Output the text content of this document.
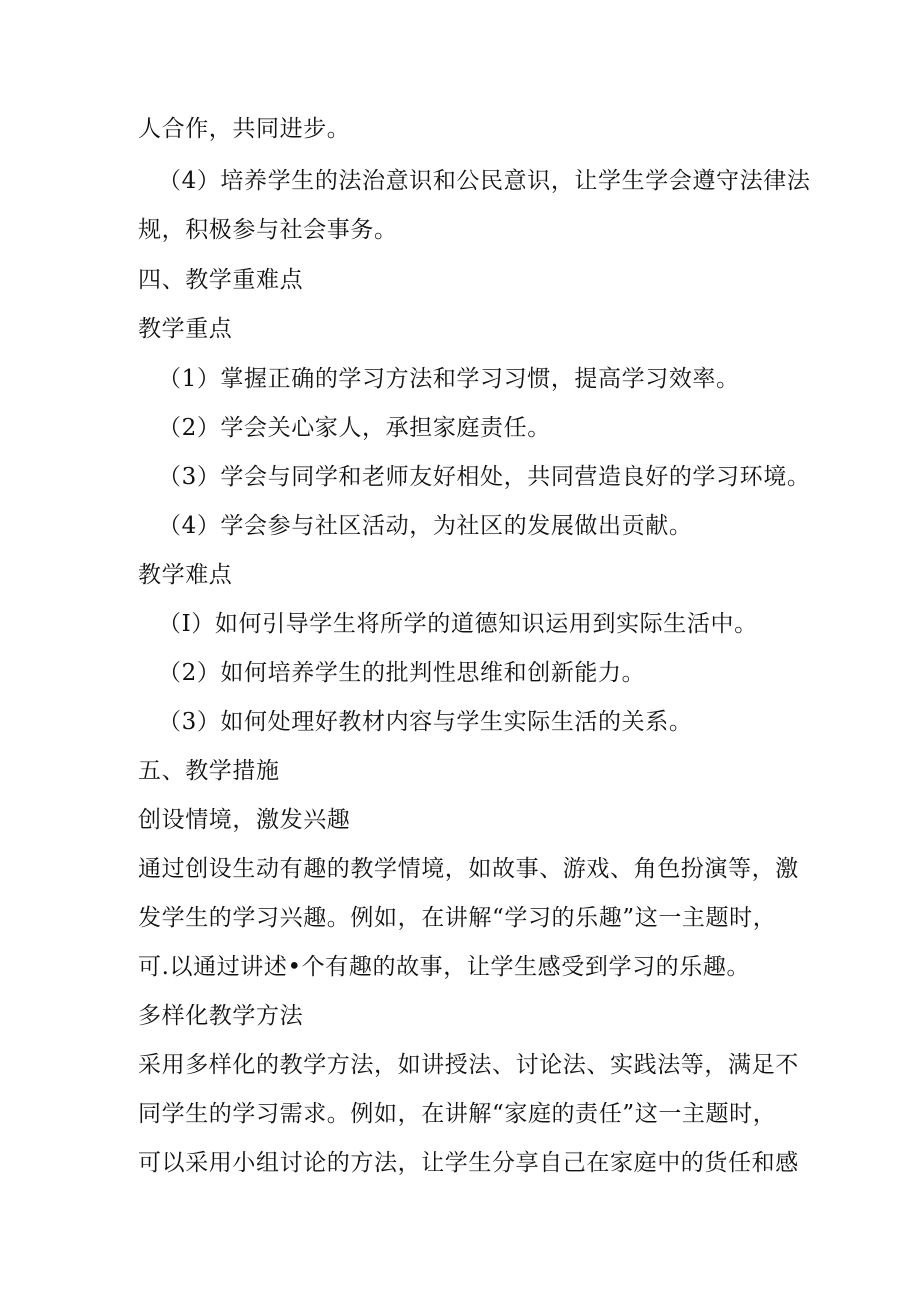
人合作，共同进步。
（4）培养学生的法治意识和公民意识，让学生学会遵守法律法
规，积极参与社会事务。
四、教学重难点
教学重点
（1）掌握正确的学习方法和学习习惯，提高学习效率。
（2）学会关心家人，承担家庭责任。
（3）学会与同学和老师友好相处，共同营造良好的学习环境。
（4）学会参与社区活动，为社区的发展做出贡献。
教学难点
（I）如何引导学生将所学的道德知识运用到实际生活中。
（2）如何培养学生的批判性思维和创新能力。
（3）如何处理好教材内容与学生实际生活的关系。
五、教学措施
创设情境，激发兴趣
通过创设生动有趣的教学情境，如故事、游戏、角色扮演等，激
发学生的学习兴趣。例如，在讲解“学习的乐趣”这一主题时，
可.以通过讲述•个有趣的故事，让学生感受到学习的乐趣。
多样化教学方法
采用多样化的教学方法，如讲授法、讨论法、实践法等，满足不
同学生的学习需求。例如，在讲解“家庭的责任”这一主题时，
可以采用小组讨论的方法，让学生分享自己在家庭中的货任和感
